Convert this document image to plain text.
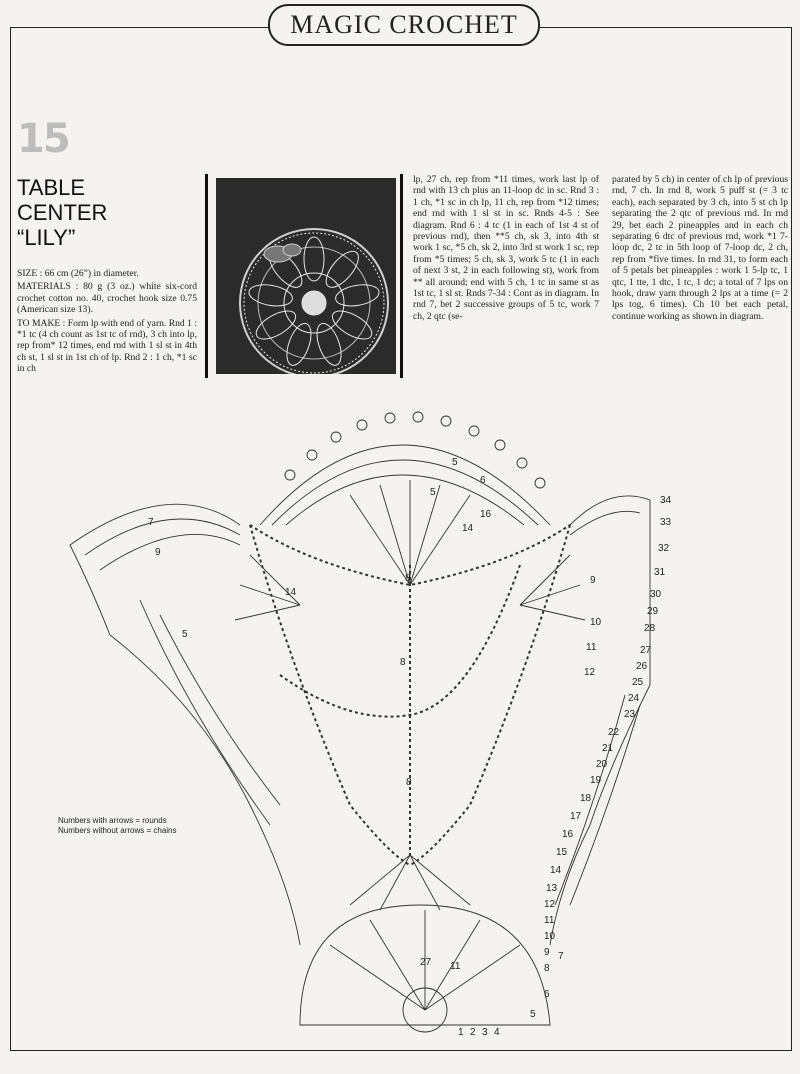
MAGIC CROCHET
15
TABLE
CENTER
“LILY”

SIZE : 66 cm (26”) in diameter.

MATERIALS : 80 g (3 oz.) white six-cord crochet cotton no. 40, crochet hook size 0.75 (American size 13).

TO MAKE : Form lp with end of yarn. Rnd 1 : *1 tc (4 ch count as 1st tc of rnd), 3 ch into lp, rep from* 12 times, end rnd with 1 sl st in 4th ch st, 1 sl st in 1st ch of lp. Rnd 2 : 1 ch, *1 sc in ch

lp, 27 ch, rep from *11 times, work last lp of rnd with 13 ch plus an 11-loop dc in sc. Rnd 3 : 1 ch, *1 sc in ch lp, 11 ch, rep from *12 times; end rnd with 1 sl st in sc. Rnds 4-5 : See diagram. Rnd 6 : 4 tc (1 in each of 1st 4 st of previous rnd), then **5 ch, sk 3, into 4th st work 1 sc, *5 ch, sk 2, into 3rd st work 1 sc, rep from *5 times; 5 ch, sk 3, work 5 tc (1 in each of next 3 st, 2 in each following st), work from ** all around; end with 5 ch, 1 tc in same st as 1st tc, 1 sl st. Rnds 7-34 : Cont as in diagram. In rnd 7, bet 2 successive groups of 5 tc, work 7 ch, 2 qtc (se-
parated by 5 ch) in center of ch lp of previous rnd, 7 ch. In rnd 8, work 5 puff st (= 3 tc each), each separated by 3 ch, into 5 st ch lp separating the 2 qtc of previous rnd. In rnd 29, bet each 2 pineapples and in each ch separating 6 dtc of previous rnd, work *1 7-loop dc, 2 tc in 5th loop of 7-loop dc, 2 ch, rep from *five times. In rnd 31, to form each of 5 petals bet pineapples : work 1 5-lp tc, 1 qtc, 1 tte, 1 dtc, 1 tc, 1 dc; a total of 7 lps on hook, draw yarn through 2 lps at a time (= 2 lps tog, 6 times). Ch 10 bet each petal, continue working as shown in diagram.
Numbers with arrows = rounds
Numbers without arrows = chains
34
33
32
31
30
29
28
27
26
25
24
23
22
21
20
19
18
17
16
15
14
13
12
11
10
9
8
7
1 2 3 4
5
6
9
7
5
8
14
6
5
5
14
16
8
9
10
11
12
8
27 11
